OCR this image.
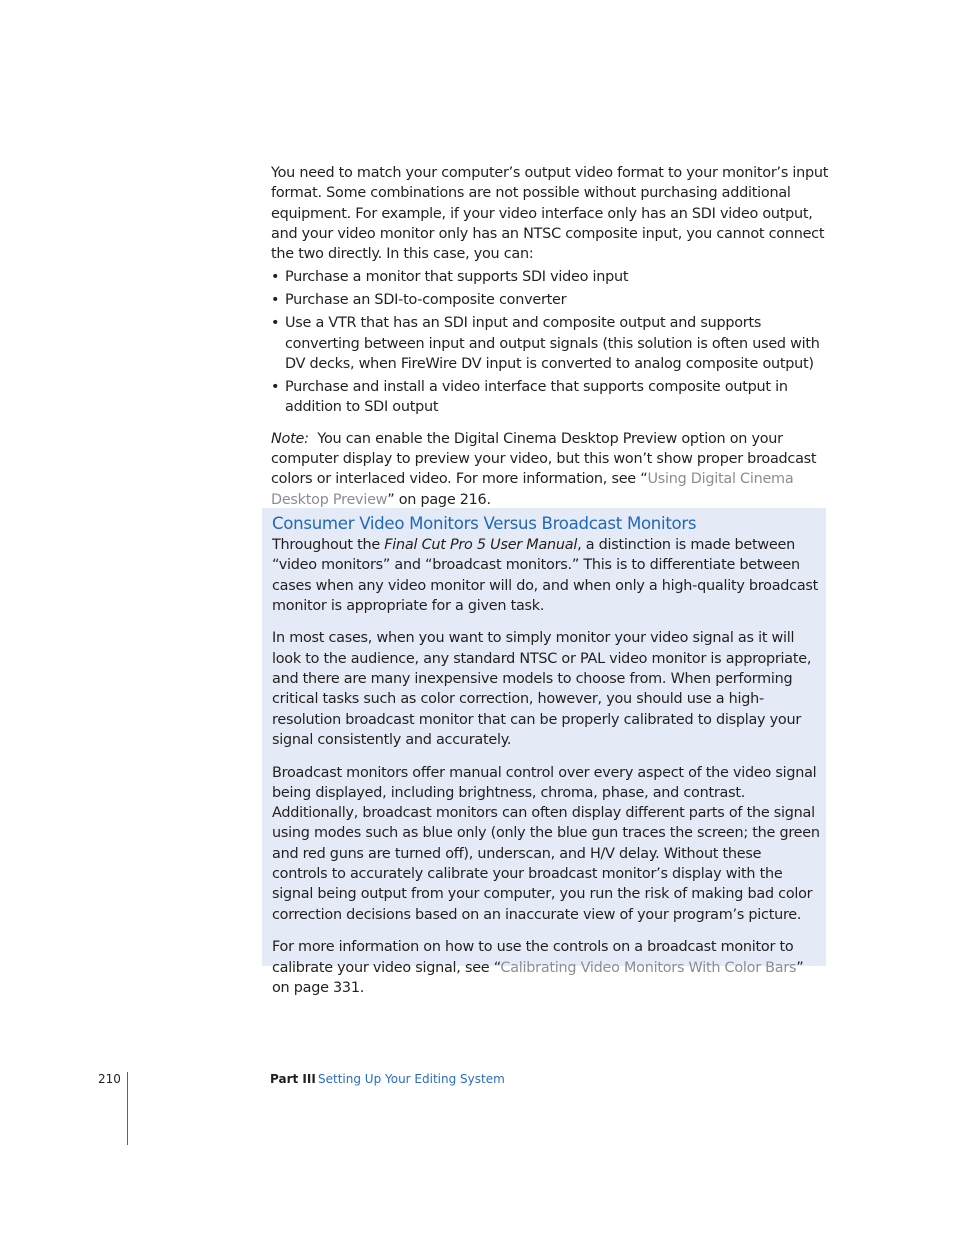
You need to match your computer’s output video format to your monitor’s input format. Some combinations are not possible without purchasing additional equipment. For example, if your video interface only has an SDI video output, and your video monitor only has an NTSC composite input, you cannot connect the two directly. In this case, you can:

• Purchase a monitor that supports SDI video input
• Purchase an SDI-to-composite converter
• Use a VTR that has an SDI input and composite output and supports converting between input and output signals (this solution is often used with DV decks, when FireWire DV input is converted to analog composite output)
• Purchase and install a video interface that supports composite output in addition to SDI output

Note: You can enable the Digital Cinema Desktop Preview option on your computer display to preview your video, but this won’t show proper broadcast colors or interlaced video. For more information, see “Using Digital Cinema Desktop Preview” on page 216.

Consumer Video Monitors Versus Broadcast Monitors

Throughout the Final Cut Pro 5 User Manual, a distinction is made between “video monitors” and “broadcast monitors.” This is to differentiate between cases when any video monitor will do, and when only a high-quality broadcast monitor is appropriate for a given task.

In most cases, when you want to simply monitor your video signal as it will look to the audience, any standard NTSC or PAL video monitor is appropriate, and there are many inexpensive models to choose from. When performing critical tasks such as color correction, however, you should use a high-resolution broadcast monitor that can be properly calibrated to display your signal consistently and accurately.

Broadcast monitors offer manual control over every aspect of the video signal being displayed, including brightness, chroma, phase, and contrast. Additionally, broadcast monitors can often display different parts of the signal using modes such as blue only (only the blue gun traces the screen; the green and red guns are turned off), underscan, and H/V delay. Without these controls to accurately calibrate your broadcast monitor’s display with the signal being output from your computer, you run the risk of making bad color correction decisions based on an inaccurate view of your program’s picture.

For more information on how to use the controls on a broadcast monitor to calibrate your video signal, see “Calibrating Video Monitors With Color Bars” on page 331.

210	Part III Setting Up Your Editing System
